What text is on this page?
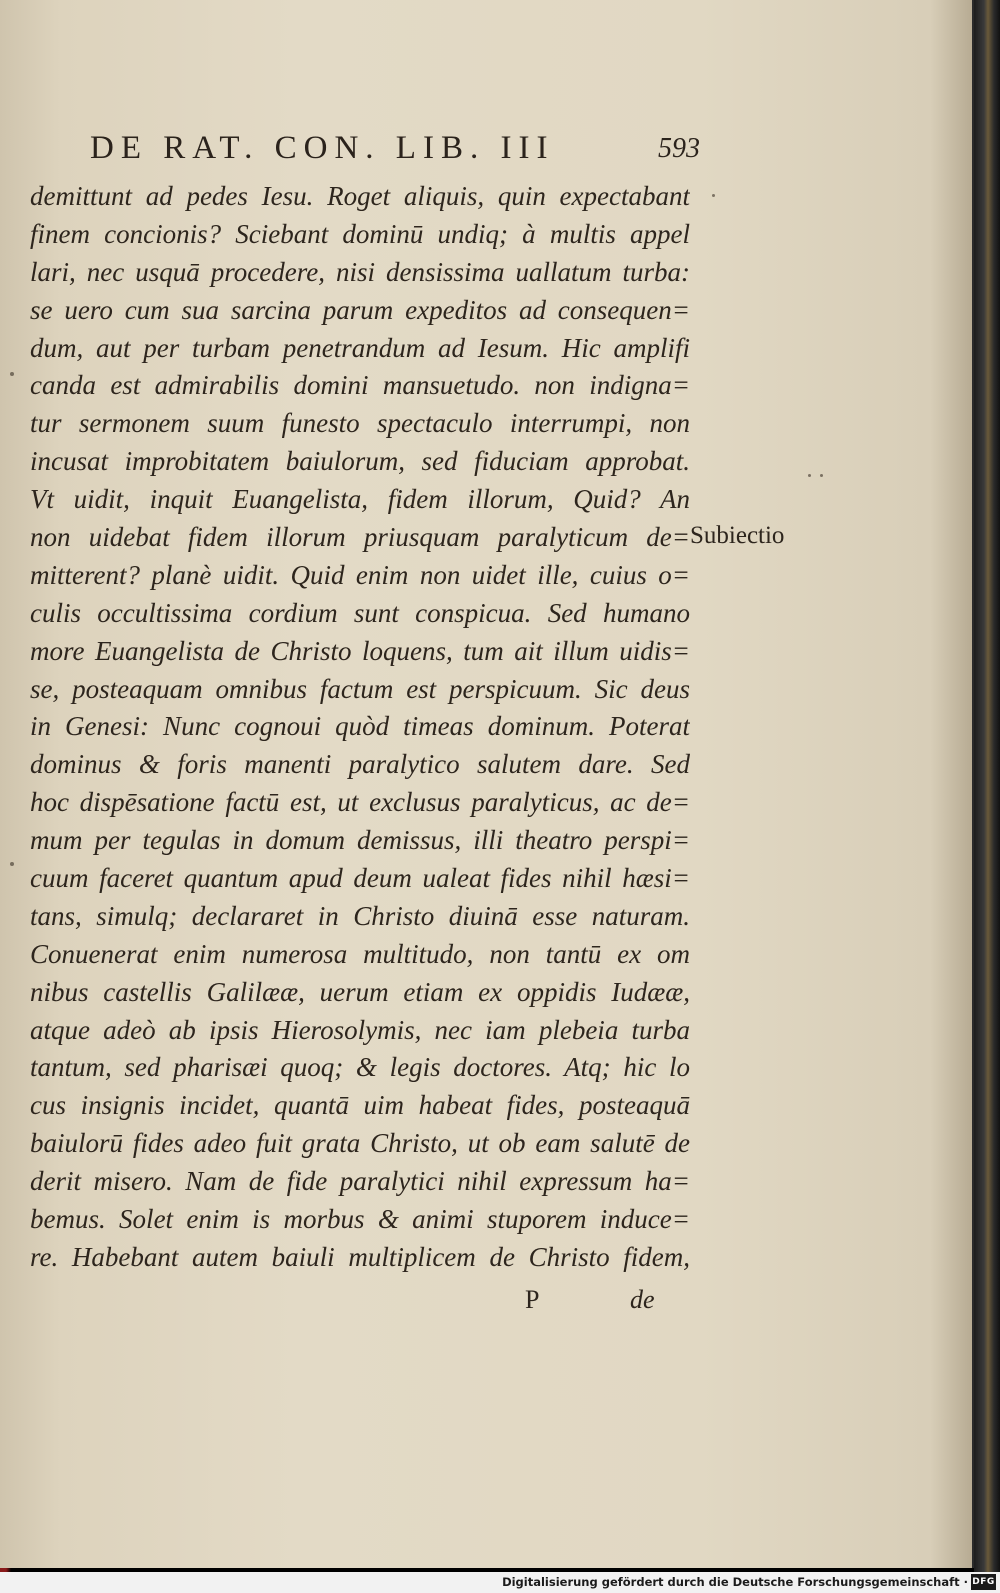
DE RAT. CON. LIB. III	593
demittunt ad pedes Iesu. Roget aliquis, quin expectabant
finem concionis? Sciebant dominū undiq; à multis appel
lari, nec usquā procedere, nisi densissima uallatum turba:
se uero cum sua sarcina parum expeditos ad consequen=
dum, aut per turbam penetrandum ad Iesum. Hic amplifi
canda est admirabilis domini mansuetudo. non indigna=
tur sermonem suum funesto spectaculo interrumpi, non
incusat improbitatem baiulorum, sed fiduciam approbat.
Vt uidit, inquit Euangelista, fidem illorum, Quid? An
non uidebat fidem illorum priusquam paralyticum de=
mitterent? planè uidit. Quid enim non uidet ille, cuius o=
culis occultissima cordium sunt conspicua. Sed humano
more Euangelista de Christo loquens, tum ait illum uidis=
se, posteaquam omnibus factum est perspicuum. Sic deus
in Genesi: Nunc cognoui quòd timeas dominum. Poterat
dominus & foris manenti paralytico salutem dare. Sed
hoc dispēsatione factū est, ut exclusus paralyticus, ac de=
mum per tegulas in domum demissus, illi theatro perspi=
cuum faceret quantum apud deum ualeat fides nihil hæsi=
tans, simulq; declararet in Christo diuinā esse naturam.
Conuenerat enim numerosa multitudo, non tantū ex om
nibus castellis Galilææ, uerum etiam ex oppidis Iudææ,
atque adeò ab ipsis Hierosolymis, nec iam plebeia turba
tantum, sed pharisæi quoq; & legis doctores. Atq; hic lo
cus insignis incidet, quantā uim habeat fides, posteaquā
baiulorū fides adeo fuit grata Christo, ut ob eam salutē de
derit misero. Nam de fide paralytici nihil expressum ha=
bemus. Solet enim is morbus & animi stuporem induce=
re. Habebant autem baiuli multiplicem de Christo fidem,
Subiectio
P	de
Digitalisierung gefördert durch die Deutsche Forschungsgemeinschaft · DFG
